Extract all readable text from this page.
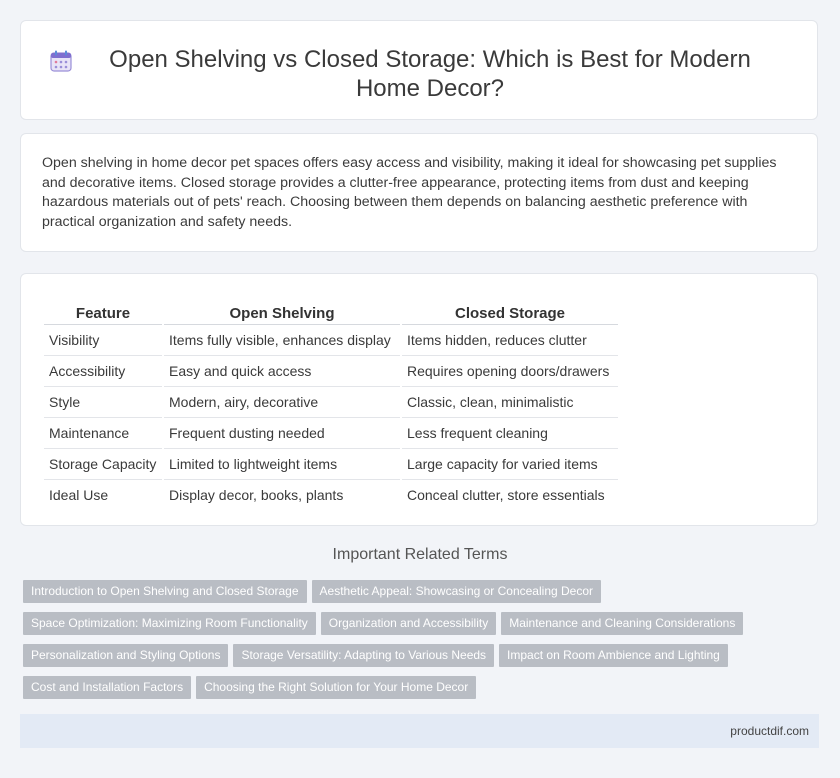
Open Shelving vs Closed Storage: Which is Best for Modern Home Decor?

Open shelving in home decor pet spaces offers easy access and visibility, making it ideal for showcasing pet supplies and decorative items. Closed storage provides a clutter-free appearance, protecting items from dust and keeping hazardous materials out of pets' reach. Choosing between them depends on balancing aesthetic preference with practical organization and safety needs.

Feature	Open Shelving	Closed Storage
Visibility	Items fully visible, enhances display	Items hidden, reduces clutter
Accessibility	Easy and quick access	Requires opening doors/drawers
Style	Modern, airy, decorative	Classic, clean, minimalistic
Maintenance	Frequent dusting needed	Less frequent cleaning
Storage Capacity	Limited to lightweight items	Large capacity for varied items
Ideal Use	Display decor, books, plants	Conceal clutter, store essentials
Important Related Terms
Introduction to Open Shelving and Closed Storage Aesthetic Appeal: Showcasing or Concealing Decor
Space Optimization: Maximizing Room Functionality Organization and Accessibility Maintenance and Cleaning Considerations
Personalization and Styling Options Storage Versatility: Adapting to Various Needs Impact on Room Ambience and Lighting
Cost and Installation Factors Choosing the Right Solution for Your Home Decor
productdif.com
